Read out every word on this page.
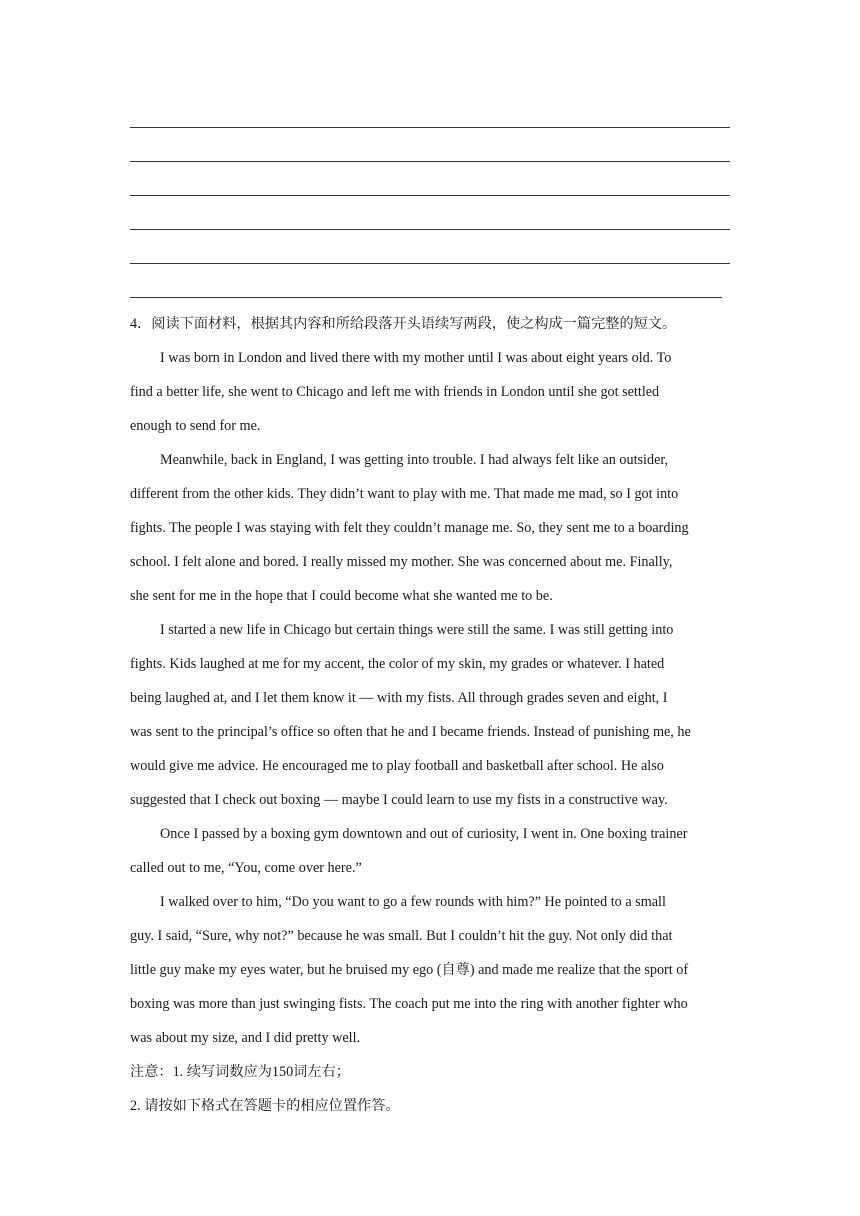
4．阅读下面材料，根据其内容和所给段落开头语续写两段，使之构成一篇完整的短文。
I was born in London and lived there with my mother until I was about eight years old. To
find a better life, she went to Chicago and left me with friends in London until she got settled
enough to send for me.
Meanwhile, back in England, I was getting into trouble. I had always felt like an outsider,
different from the other kids. They didn’t want to play with me. That made me mad, so I got into
fights. The people I was staying with felt they couldn’t manage me. So, they sent me to a boarding
school. I felt alone and bored. I really missed my mother. She was concerned about me. Finally,
she sent for me in the hope that I could become what she wanted me to be.
I started a new life in Chicago but certain things were still the same. I was still getting into
fights. Kids laughed at me for my accent, the color of my skin, my grades or whatever. I hated
being laughed at, and I let them know it — with my fists. All through grades seven and eight, I
was sent to the principal’s office so often that he and I became friends. Instead of punishing me, he
would give me advice. He encouraged me to play football and basketball after school. He also
suggested that I check out boxing — maybe I could learn to use my fists in a constructive way.
Once I passed by a boxing gym downtown and out of curiosity, I went in. One boxing trainer
called out to me, “You, come over here.”
I walked over to him, “Do you want to go a few rounds with him?” He pointed to a small
guy. I said, “Sure, why not?” because he was small. But I couldn’t hit the guy. Not only did that
little guy make my eyes water, but he bruised my ego (自尊) and made me realize that the sport of
boxing was more than just swinging fists. The coach put me into the ring with another fighter who
was about my size, and I did pretty well.
注意：1. 续写词数应为150词左右；
2. 请按如下格式在答题卡的相应位置作答。
